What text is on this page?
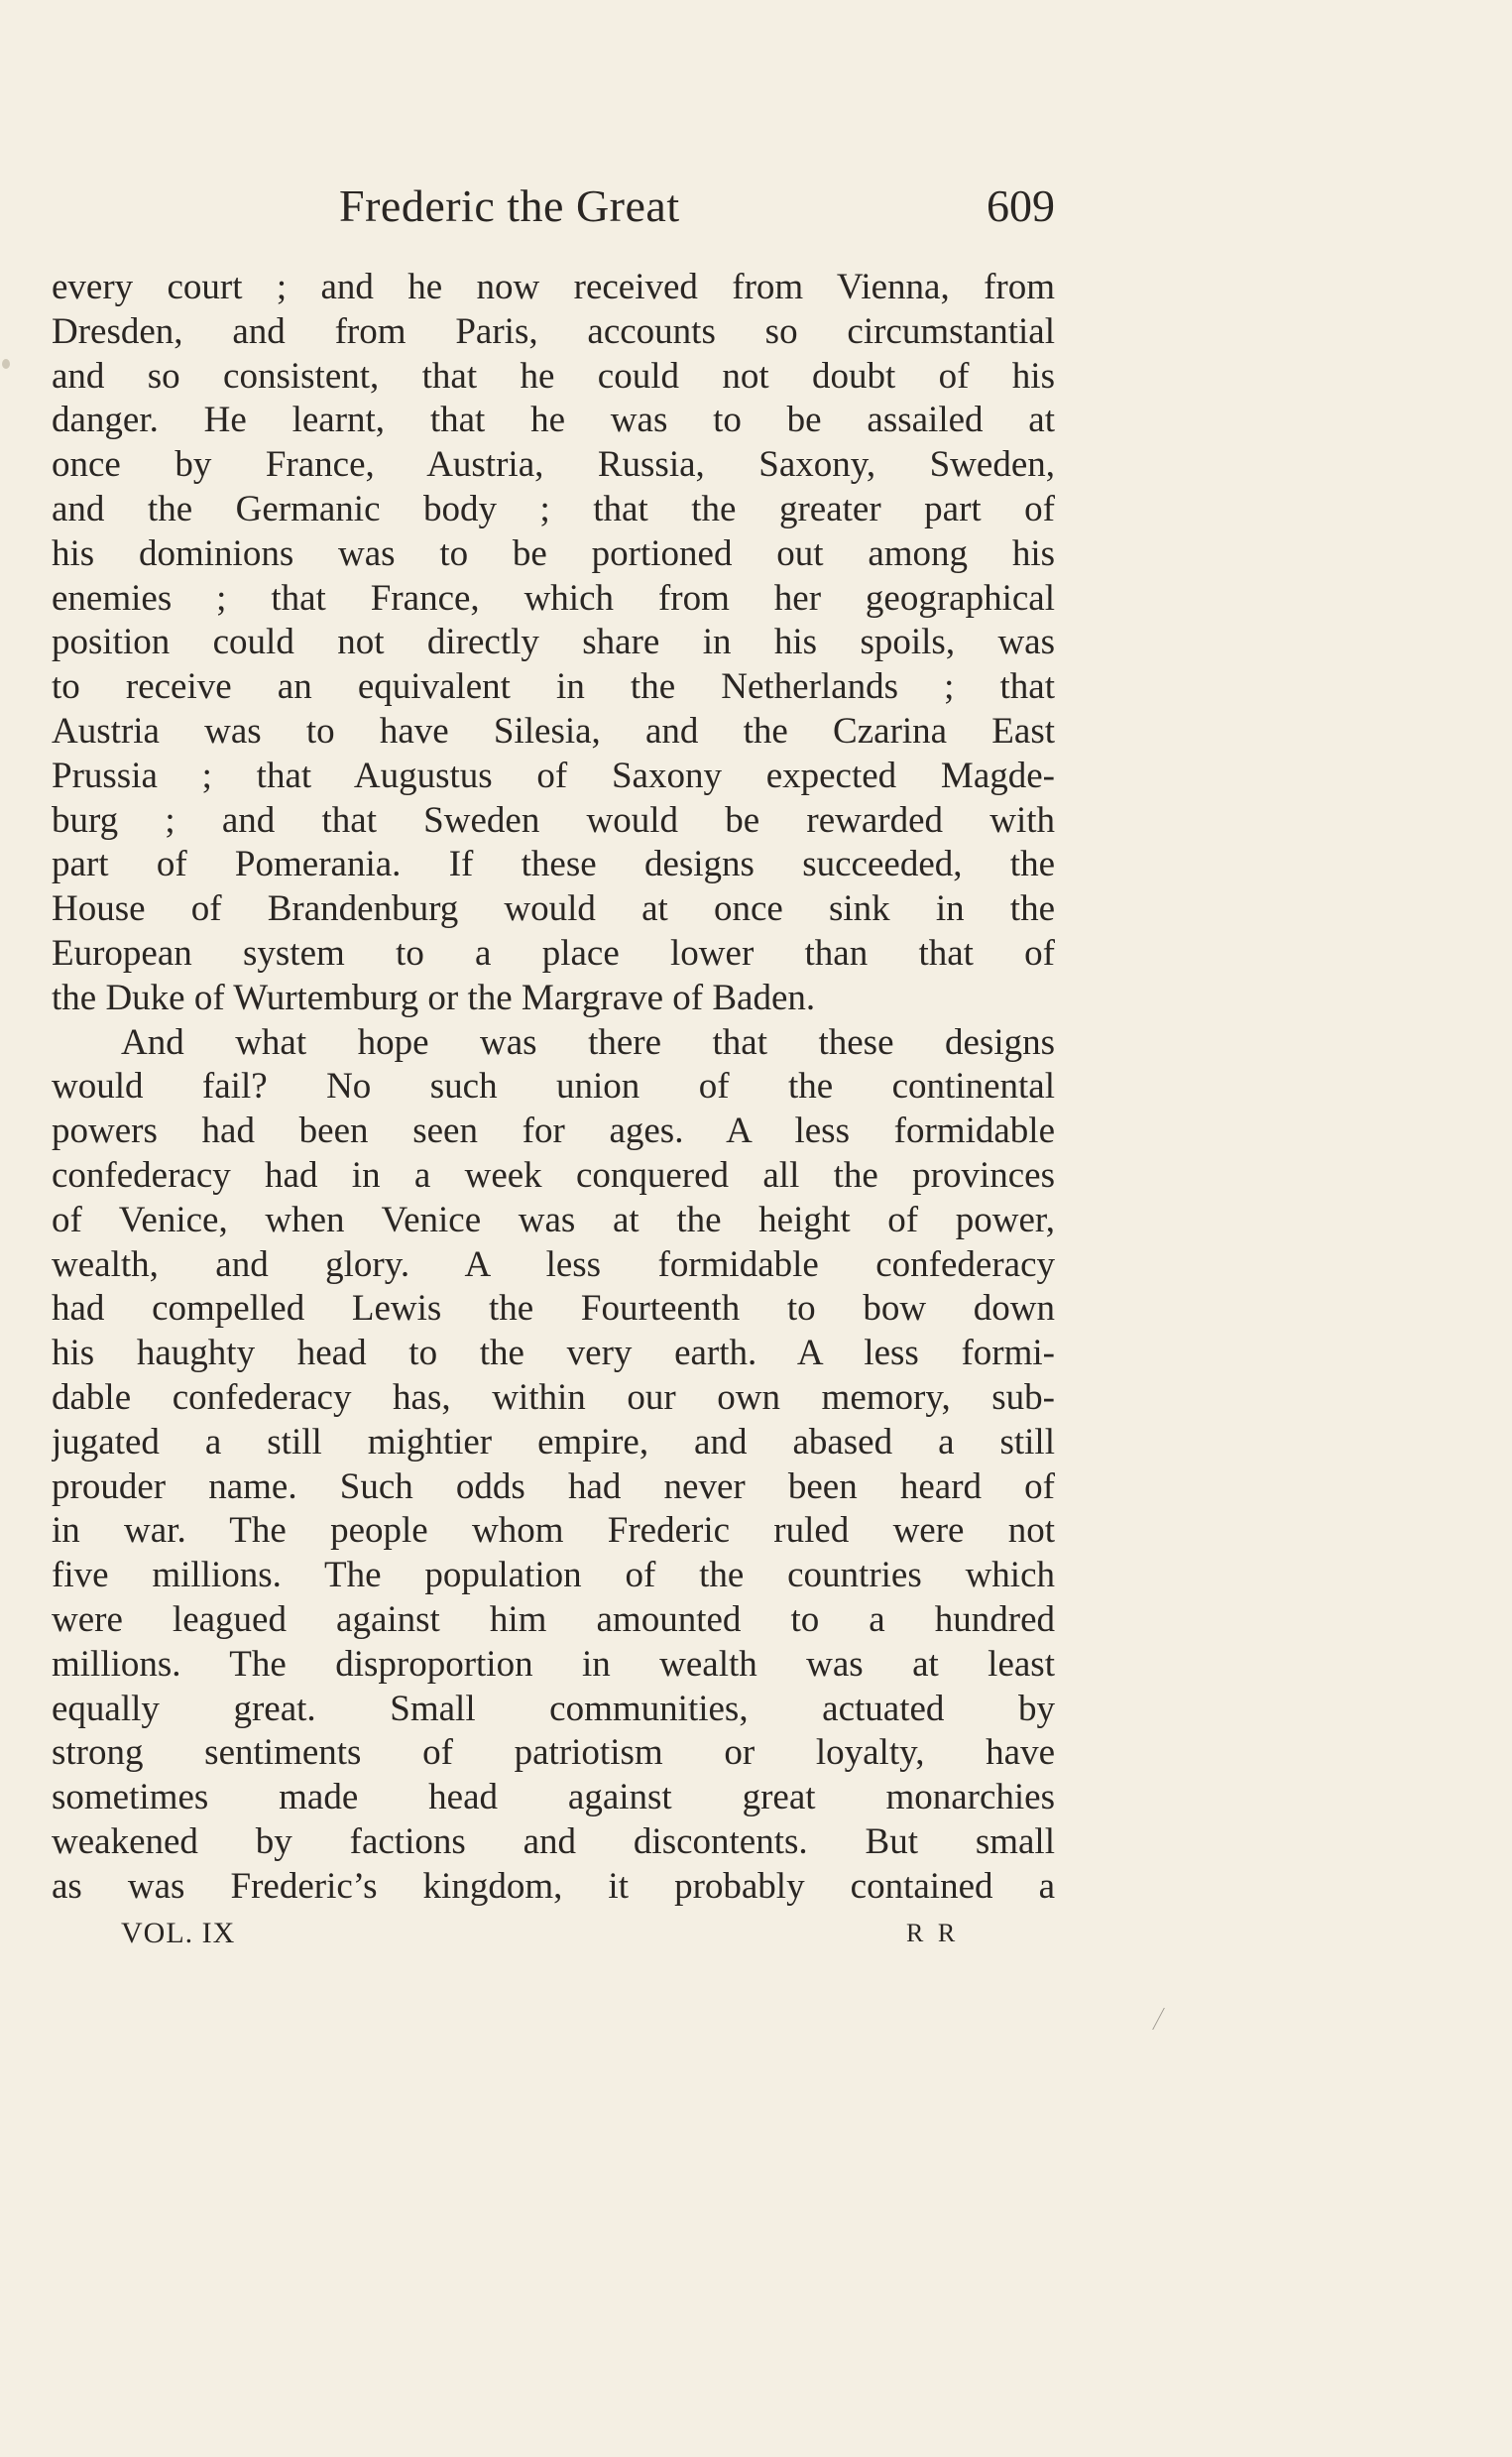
Frederic the Great	609
every court ; and he now received from Vienna, from
Dresden, and from Paris, accounts so circumstantial
and so consistent, that he could not doubt of his
danger. He learnt, that he was to be assailed at
once by France, Austria, Russia, Saxony, Sweden,
and the Germanic body ; that the greater part of
his dominions was to be portioned out among his
enemies ; that France, which from her geographical
position could not directly share in his spoils, was
to receive an equivalent in the Netherlands ; that
Austria was to have Silesia, and the Czarina East
Prussia ; that Augustus of Saxony expected Magde-
burg ; and that Sweden would be rewarded with
part of Pomerania. If these designs succeeded, the
House of Brandenburg would at once sink in the
European system to a place lower than that of
the Duke of Wurtemburg or the Margrave of Baden.
And what hope was there that these designs
would fail? No such union of the continental
powers had been seen for ages. A less formidable
confederacy had in a week conquered all the provinces
of Venice, when Venice was at the height of power,
wealth, and glory. A less formidable confederacy
had compelled Lewis the Fourteenth to bow down
his haughty head to the very earth. A less formi-
dable confederacy has, within our own memory, sub-
jugated a still mightier empire, and abased a still
prouder name. Such odds had never been heard of
in war. The people whom Frederic ruled were not
five millions. The population of the countries which
were leagued against him amounted to a hundred
millions. The disproportion in wealth was at least
equally great. Small communities, actuated by
strong sentiments of patriotism or loyalty, have
sometimes made head against great monarchies
weakened by factions and discontents. But small
as was Frederic’s kingdom, it probably contained a
VOL. IX	R R
